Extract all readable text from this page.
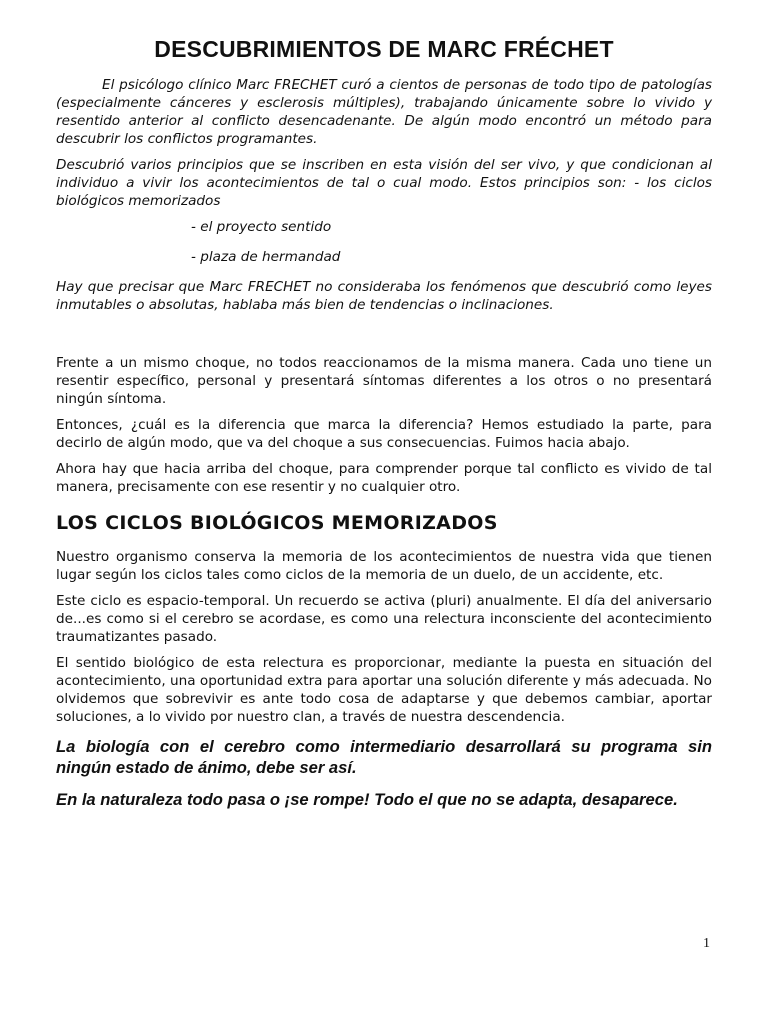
DESCUBRIMIENTOS DE MARC FRÉCHET

El psicólogo clínico Marc FRECHET curó a cientos de personas de todo tipo de patologías (especialmente cánceres y esclerosis múltiples), trabajando únicamente sobre lo vivido y resentido anterior al conflicto desencadenante. De algún modo encontró un método para descubrir los conflictos programantes.

Descubrió varios principios que se inscriben en esta visión del ser vivo, y que condicionan al individuo a vivir los acontecimientos de tal o cual modo. Estos principios son: - los ciclos biológicos memorizados

- el proyecto sentido
- plaza de hermandad

Hay que precisar que Marc FRECHET no consideraba los fenómenos que descubrió como leyes inmutables o absolutas, hablaba más bien de tendencias o inclinaciones.

Frente a un mismo choque, no todos reaccionamos de la misma manera. Cada uno tiene un resentir específico, personal y presentará síntomas diferentes a los otros o no presentará ningún síntoma.

Entonces, ¿cuál es la diferencia que marca la diferencia? Hemos estudiado la parte, para decirlo de algún modo, que va del choque a sus consecuencias. Fuimos hacia abajo.

Ahora hay que hacia arriba del choque, para comprender porque tal conflicto es vivido de tal manera, precisamente con ese resentir y no cualquier otro.

LOS CICLOS BIOLÓGICOS MEMORIZADOS

Nuestro organismo conserva la memoria de los acontecimientos de nuestra vida que tienen lugar según los ciclos tales como ciclos de la memoria de un duelo, de un accidente, etc.

Este ciclo es espacio-temporal. Un recuerdo se activa (pluri) anualmente. El día del aniversario de...es como si el cerebro se acordase, es como una relectura inconsciente del acontecimiento traumatizantes pasado.

El sentido biológico de esta relectura es proporcionar, mediante la puesta en situación del acontecimiento, una oportunidad extra para aportar una solución diferente y más adecuada. No olvidemos que sobrevivir es ante todo cosa de adaptarse y que debemos cambiar, aportar soluciones, a lo vivido por nuestro clan, a través de nuestra descendencia.

La biología con el cerebro como intermediario desarrollará su programa sin ningún estado de ánimo, debe ser así.

En la naturaleza todo pasa o ¡se rompe! Todo el que no se adapta, desaparece.

1
